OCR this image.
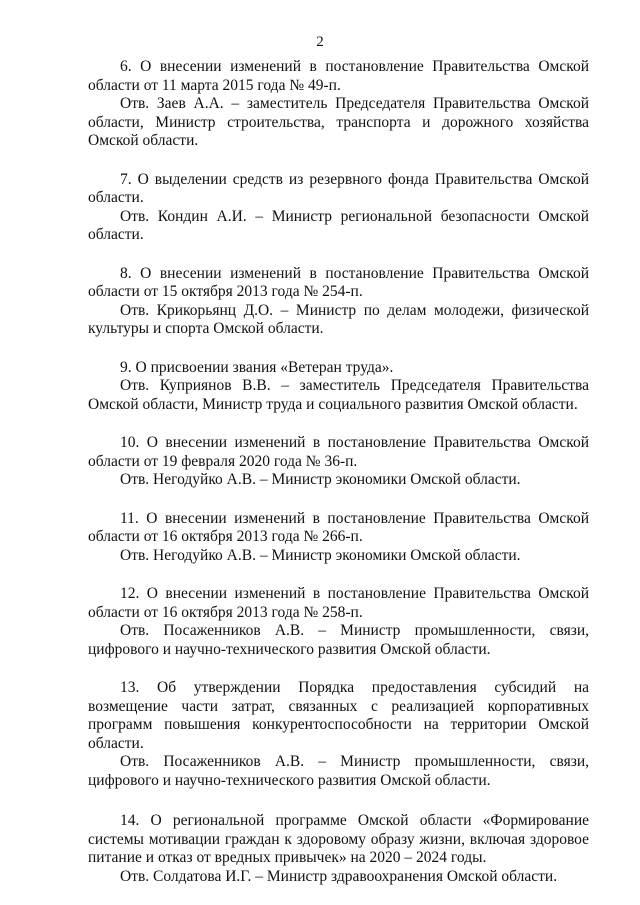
2

6. О внесении изменений в постановление Правительства Омской области от 11 марта 2015 года № 49-п.

Отв. Заев А.А. – заместитель Председателя Правительства Омской области, Министр строительства, транспорта и дорожного хозяйства Омской области.

7. О выделении средств из резервного фонда Правительства Омской области.

Отв. Кондин А.И. – Министр региональной безопасности Омской области.

8. О внесении изменений в постановление Правительства Омской области от 15 октября 2013 года № 254-п.

Отв. Крикорьянц Д.О. – Министр по делам молодежи, физической культуры и спорта Омской области.

9. О присвоении звания «Ветеран труда».

Отв. Куприянов В.В. – заместитель Председателя Правительства Омской области, Министр труда и социального развития Омской области.

10. О внесении изменений в постановление Правительства Омской области от 19 февраля 2020 года № 36-п.

Отв. Негодуйко А.В. – Министр экономики Омской области.

11. О внесении изменений в постановление Правительства Омской области от 16 октября 2013 года № 266-п.

Отв. Негодуйко А.В. – Министр экономики Омской области.

12. О внесении изменений в постановление Правительства Омской области от 16 октября 2013 года № 258-п.

Отв. Посаженников А.В. – Министр промышленности, связи, цифрового и научно-технического развития Омской области.

13. Об утверждении Порядка предоставления субсидий на возмещение части затрат, связанных с реализацией корпоративных программ повышения конкурентоспособности на территории Омской области.

Отв. Посаженников А.В. – Министр промышленности, связи, цифрового и научно-технического развития Омской области.

14. О региональной программе Омской области «Формирование системы мотивации граждан к здоровому образу жизни, включая здоровое питание и отказ от вредных привычек» на 2020 – 2024 годы.

Отв. Солдатова И.Г. – Министр здравоохранения Омской области.
